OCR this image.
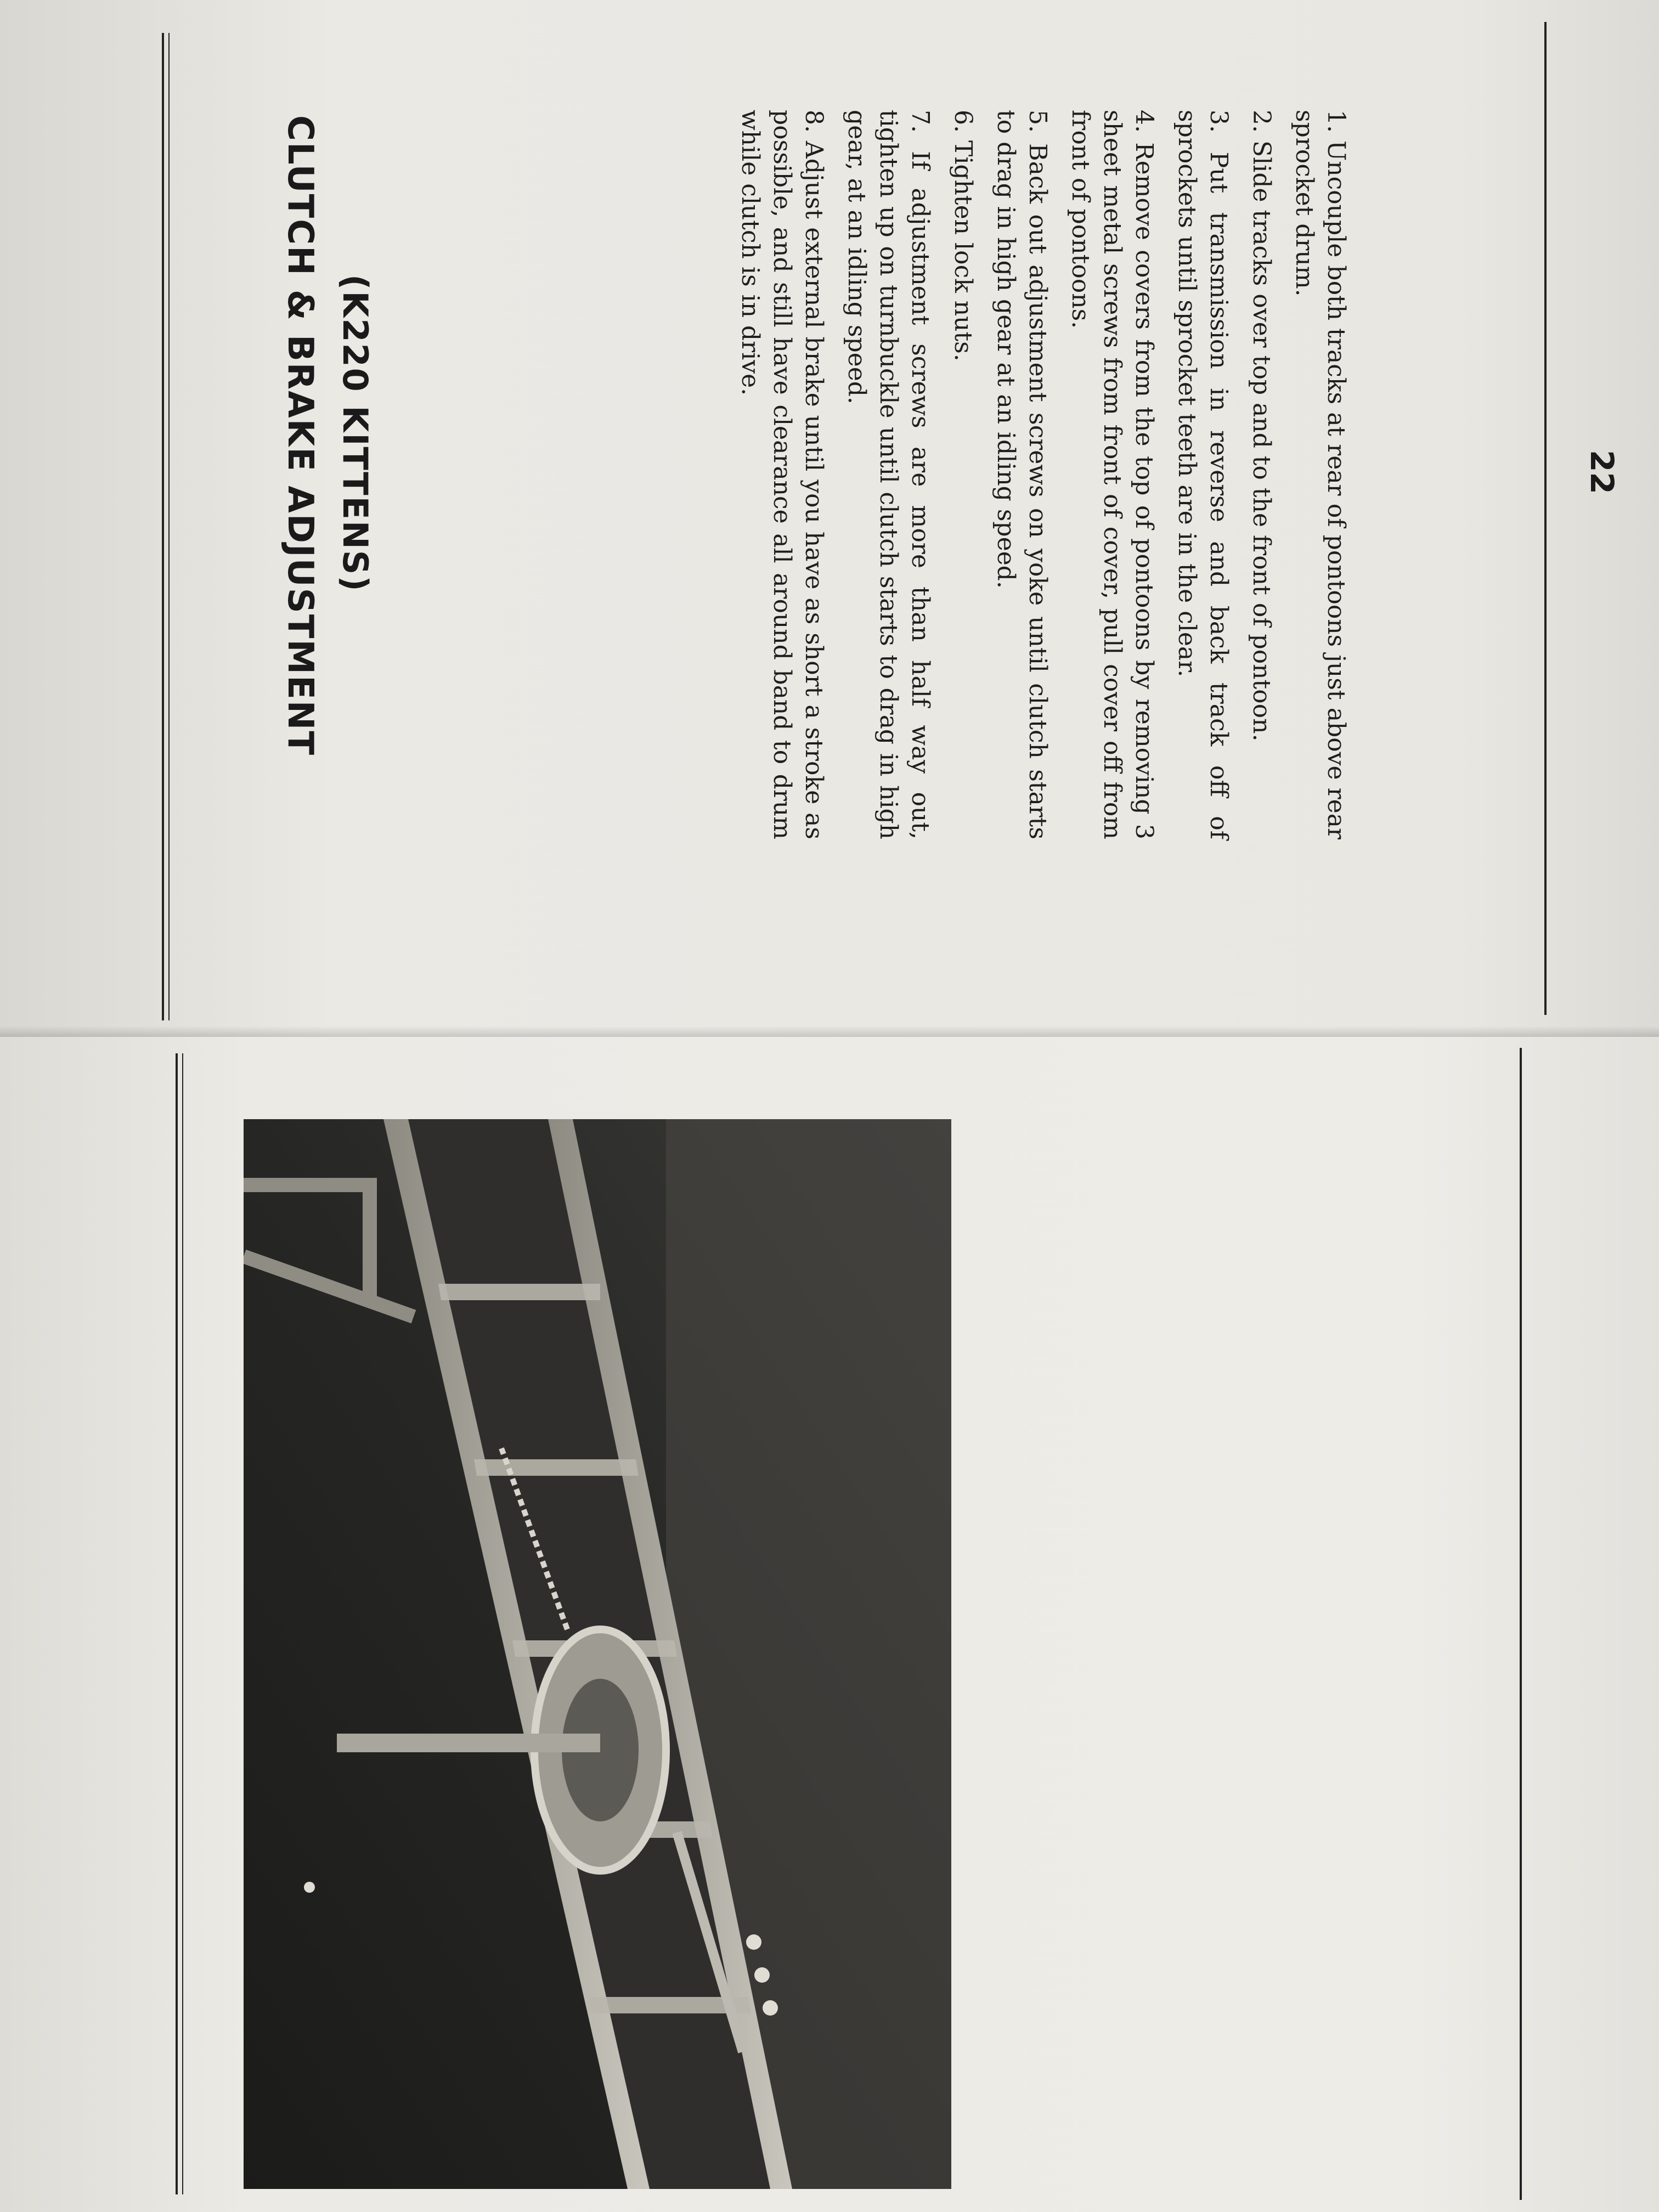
CLUTCH & BRAKE ADJUSTMENT (K220 KITTENS)	1. Uncouple both tracks at rear of pontoons just above rear sprocket drum.
2. Slide tracks over top and to the front of pontoon.
3. Put transmission in reverse and back track off of sprockets until sprocket teeth are in the clear.
4. Remove covers from the top of pontoons by removing 3 sheet metal screws from front of cover, pull cover off from front of pontoons.
5. Back out adjustment screws on yoke until clutch starts to drag in high gear at an idling speed.
6. Tighten lock nuts.
7. If adjustment screws are more than half way out, tighten up on turnbuckle until clutch starts to drag in high gear, at an idling speed.
8. Adjust external brake until you have as short a stroke as possible, and still have clearance all around band to drum while clutch is in drive.
22
